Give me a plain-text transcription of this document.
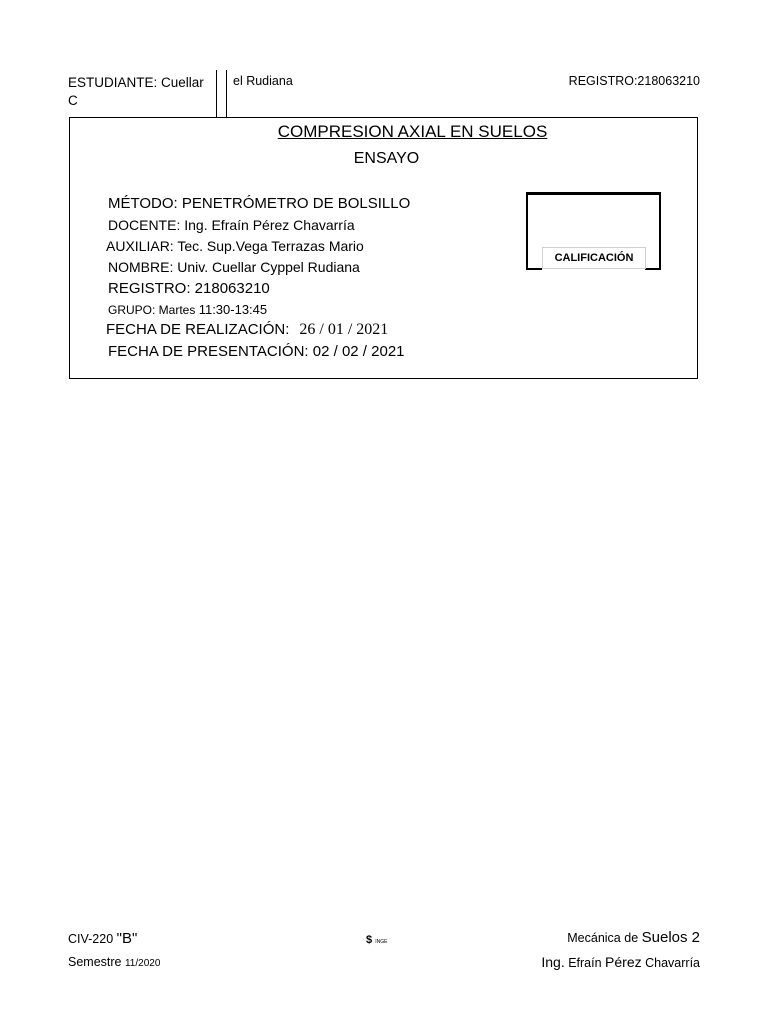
ESTUDIANTE: Cuellar C
el Rudiana	REGISTRO:218063210
COMPRESION AXIAL EN SUELOS
ENSAYO
MÉTODO: PENETRÓMETRO DE BOLSILLO
DOCENTE: Ing. Efraín Pérez Chavarría
AUXILIAR: Tec. Sup.Vega Terrazas Mario
NOMBRE: Univ. Cuellar Cyppel Rudiana
REGISTRO: 218063210
GRUPO: Martes 11:30-13:45
FECHA DE REALIZACIÓN: 26 / 01 / 2021
FECHA DE PRESENTACIÓN: 02 / 02 / 2021
CALIFICACIÓN
CIV-220 "B"
Semestre 11/2020
$ INGE	Mecánica de Suelos 2
Ing. Efraín Pérez Chavarría
